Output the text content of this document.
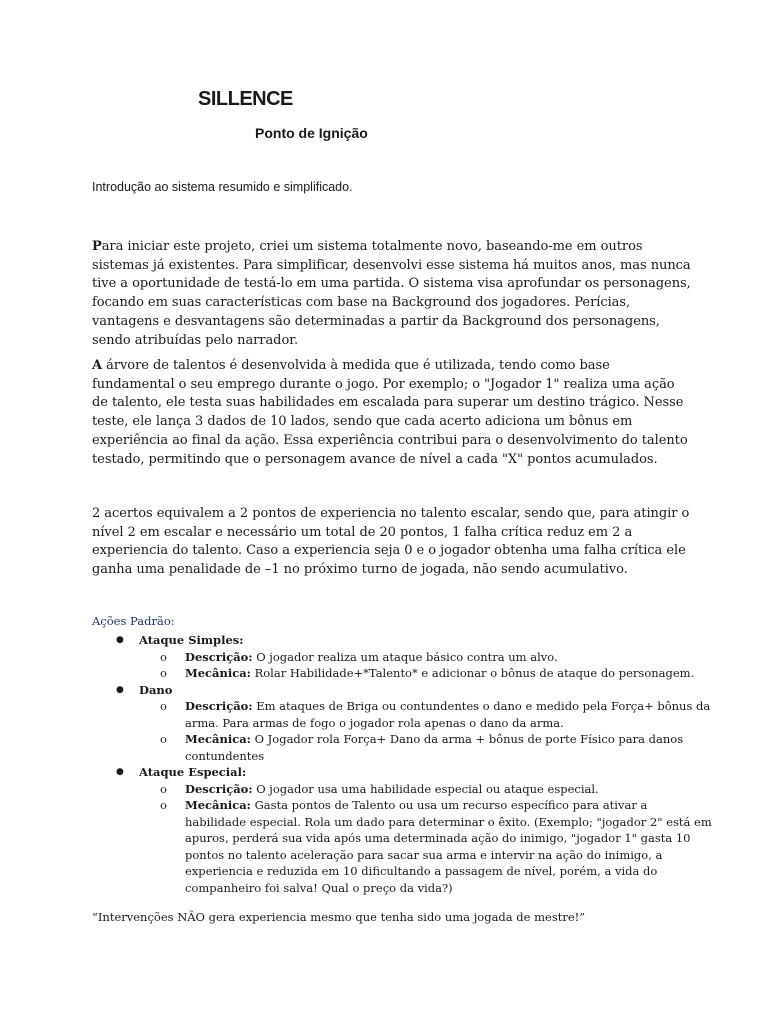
SILLENCE
Ponto de Ignição

Introdução ao sistema resumido e simplificado.

Para iniciar este projeto, criei um sistema totalmente novo, baseando-me em outros sistemas já existentes. Para simplificar, desenvolvi esse sistema há muitos anos, mas nunca tive a oportunidade de testá-lo em uma partida. O sistema visa aprofundar os personagens, focando em suas características com base na Background dos jogadores. Perícias, vantagens e desvantagens são determinadas a partir da Background dos personagens, sendo atribuídas pelo narrador.

A árvore de talentos é desenvolvida à medida que é utilizada, tendo como base fundamental o seu emprego durante o jogo. Por exemplo; o "Jogador 1" realiza uma ação de talento, ele testa suas habilidades em escalada para superar um destino trágico. Nesse teste, ele lança 3 dados de 10 lados, sendo que cada acerto adiciona um bônus em experiência ao final da ação. Essa experiência contribui para o desenvolvimento do talento testado, permitindo que o personagem avance de nível a cada "X" pontos acumulados.

2 acertos equivalem a 2 pontos de experiencia no talento escalar, sendo que, para atingir o nível 2 em escalar e necessário um total de 20 pontos, 1 falha crítica reduz em 2 a experiencia do talento. Caso a experiencia seja 0 e o jogador obtenha uma falha crítica ele ganha uma penalidade de –1 no próximo turno de jogada, não sendo acumulativo.

Ações Padrão:

● Ataque Simples:
o Descrição: O jogador realiza um ataque básico contra um alvo.
o Mecânica: Rolar Habilidade+*Talento* e adicionar o bônus de ataque do personagem.
● Dano
o Descrição: Em ataques de Briga ou contundentes o dano e medido pela Força+ bônus da arma. Para armas de fogo o jogador rola apenas o dano da arma.
o Mecânica: O Jogador rola Força+ Dano da arma + bônus de porte Físico para danos contundentes
● Ataque Especial:
o Descrição: O jogador usa uma habilidade especial ou ataque especial.
o Mecânica: Gasta pontos de Talento ou usa um recurso específico para ativar a habilidade especial. Rola um dado para determinar o êxito. (Exemplo; "jogador 2" está em apuros, perderá sua vida após uma determinada ação do inimigo, "jogador 1" gasta 10 pontos no talento aceleração para sacar sua arma e intervir na ação do inimigo, a experiencia e reduzida em 10 dificultando a passagem de nível, porém, a vida do companheiro foi salva! Qual o preço da vida?)

“Intervenções NÃO gera experiencia mesmo que tenha sido uma jogada de mestre!”
